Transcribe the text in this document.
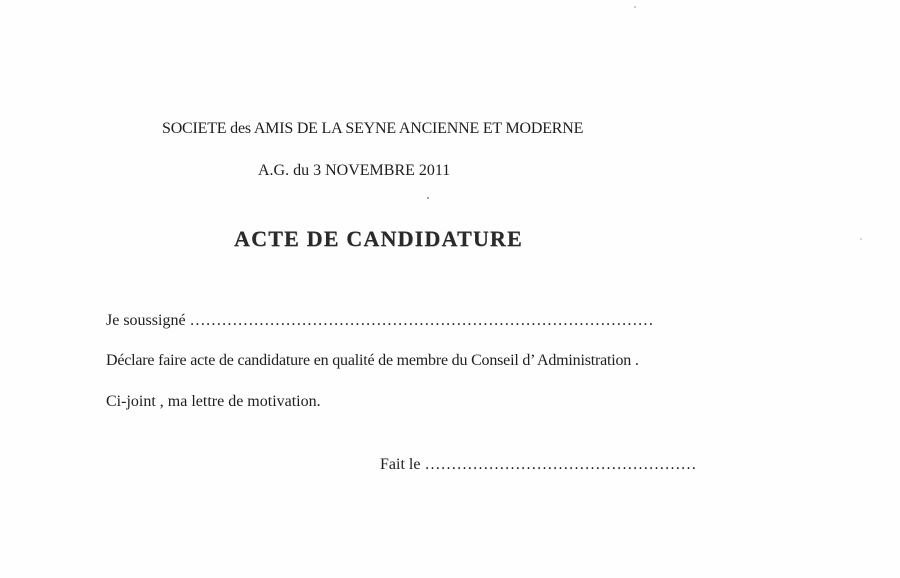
SOCIETE des AMIS DE LA SEYNE ANCIENNE ET MODERNE
A.G. du 3 NOVEMBRE 2011
ACTE DE CANDIDATURE
Je soussigné ……………………………………………………………………………
Déclare faire acte de candidature en qualité de membre du Conseil d’ Administration .
Ci-joint , ma lettre de motivation.
Fait le ……………………………………………
